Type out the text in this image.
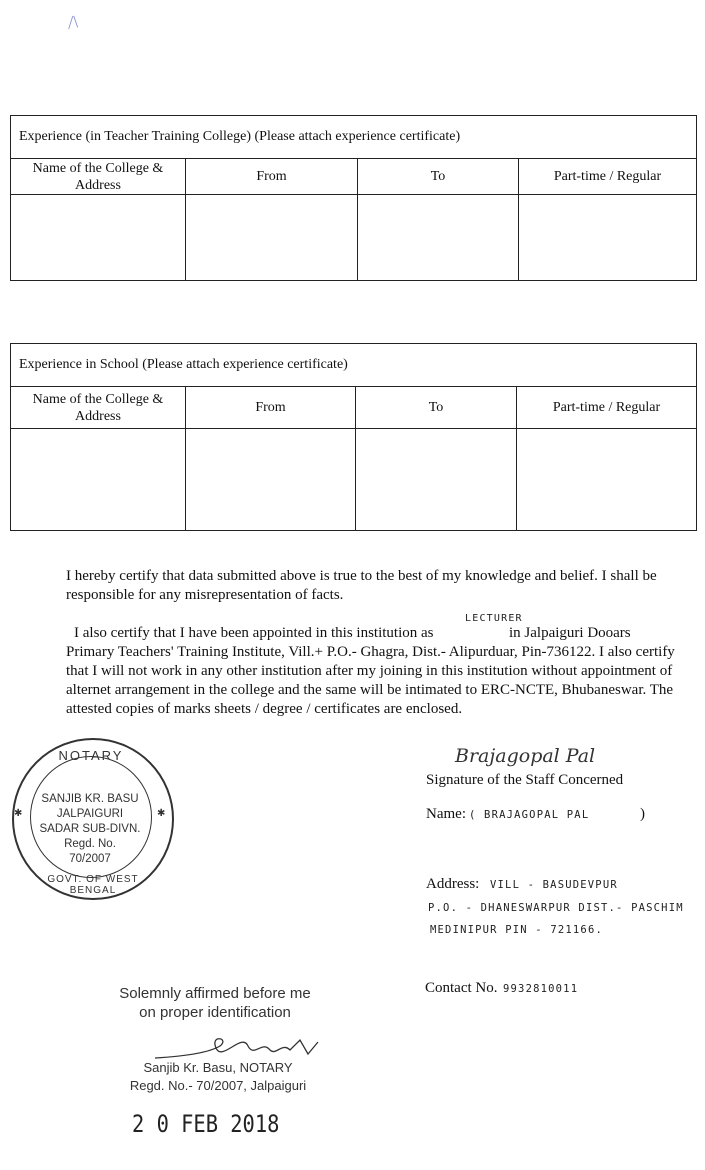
/\
Experience (in Teacher Training College) (Please attach experience certificate)			
Name of the College & Address	From	To	Part-time / Regular

Experience in School (Please attach experience certificate)			
Name of the College & Address	From	To	Part-time / Regular

I hereby certify that data submitted above is true to the best of my knowledge and belief. I shall be responsible for any misrepresentation of facts.
LECTURER
I also certify that I have been appointed in this institution as	in Jalpaiguri Dooars Primary Teachers' Training Institute, Vill.+ P.O.- Ghagra, Dist.- Alipurduar, Pin-736122. I also certify that I will not work in any other institution after my joining in this institution without appointment of alternet arrangement in the college and the same will be intimated to ERC-NCTE, Bhubaneswar. The attested copies of marks sheets / degree / certificates are enclosed.
Brajagopal Pal
Signature of the Staff Concerned
Name: ( BRAJAGOPAL PAL	)
Address: VILL - BASUDEVPUR
P.O. - DHANESWARPUR DIST.- PASCHIM
MEDINIPUR PIN - 721166.
Contact No. 9932810011
NOTARY
SANJIB KR. BASU
JALPAIGURI
SADAR SUB-DIVN.
Regd. No.
70/2007
GOVT. OF WEST BENGAL
✱	✱
Solemnly affirmed before me
on proper identification
Sanjib Kr. Basu, NOTARY
Regd. No.- 70/2007, Jalpaiguri
2 0 FEB 2018
